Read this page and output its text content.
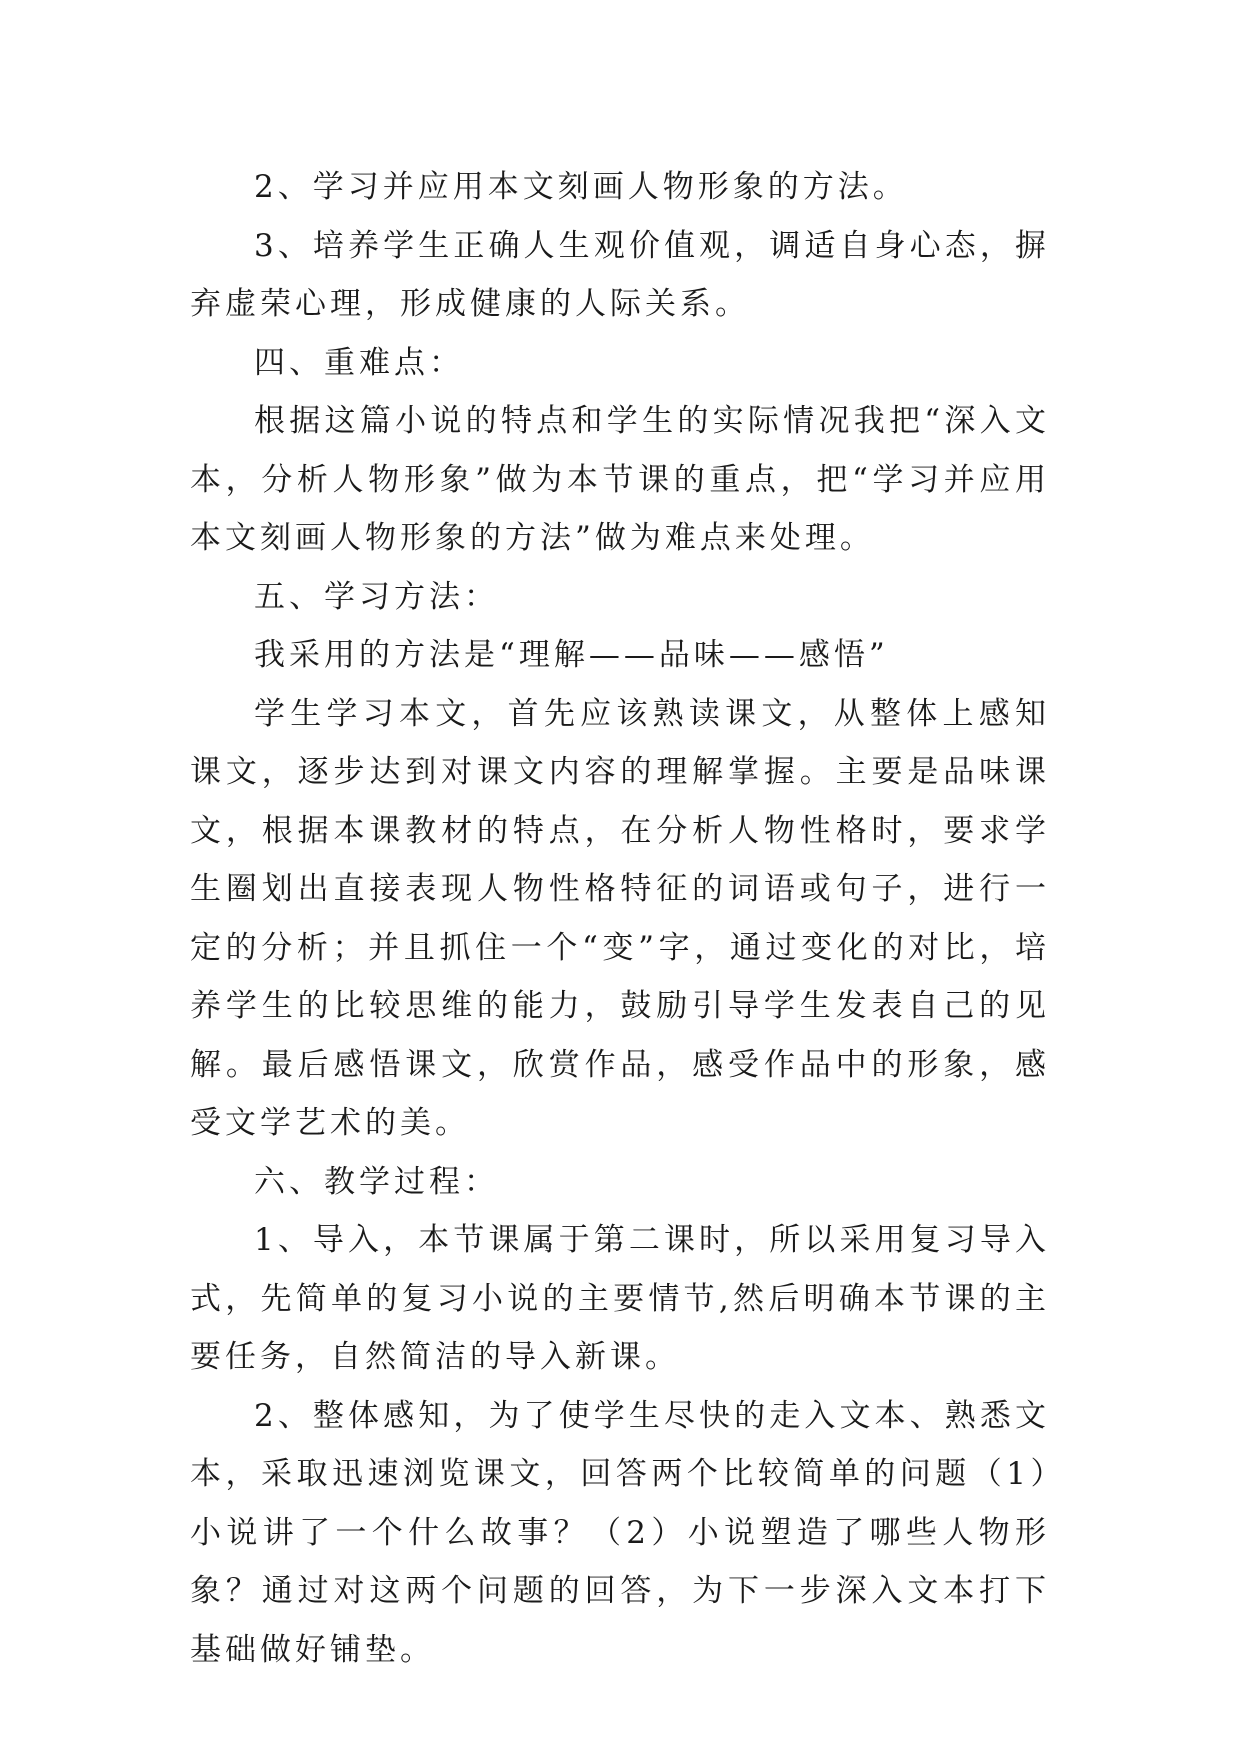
2、学习并应用本文刻画人物形象的方法。

3、培养学生正确人生观价值观，调适自身心态，摒弃虚荣心理，形成健康的人际关系。

四、重难点：

根据这篇小说的特点和学生的实际情况我把“深入文本，分析人物形象”做为本节课的重点，把“学习并应用本文刻画人物形象的方法”做为难点来处理。

五、学习方法：

我采用的方法是“理解——品味——感悟”

学生学习本文，首先应该熟读课文，从整体上感知课文，逐步达到对课文内容的理解掌握。主要是品味课文，根据本课教材的特点，在分析人物性格时，要求学生圈划出直接表现人物性格特征的词语或句子，进行一定的分析；并且抓住一个“变”字，通过变化的对比，培养学生的比较思维的能力，鼓励引导学生发表自己的见解。最后感悟课文，欣赏作品，感受作品中的形象，感受文学艺术的美。

六、教学过程：

1、导入，本节课属于第二课时，所以采用复习导入式，先简单的复习小说的主要情节,然后明确本节课的主要任务，自然简洁的导入新课。

2、整体感知，为了使学生尽快的走入文本、熟悉文本，采取迅速浏览课文，回答两个比较简单的问题（1）小说讲了一个什么故事？（2）小说塑造了哪些人物形象？通过对这两个问题的回答，为下一步深入文本打下基础做好铺垫。
